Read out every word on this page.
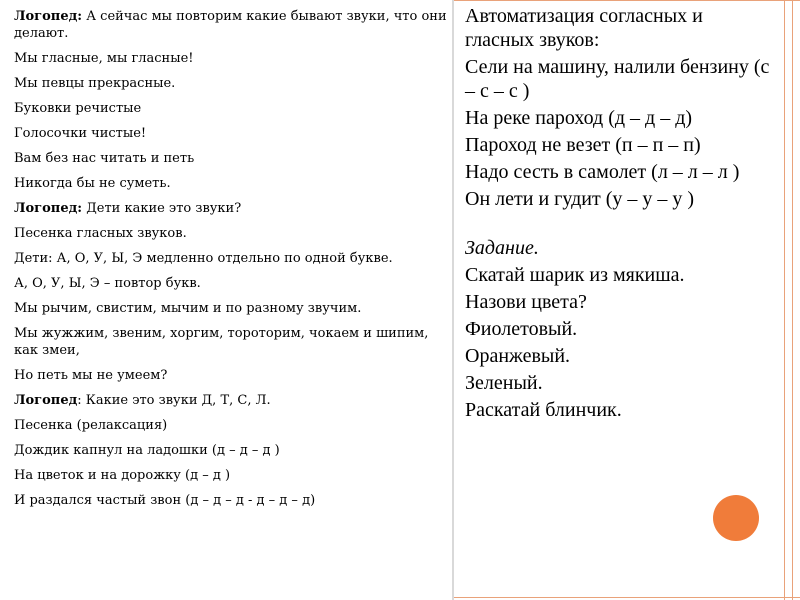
Логопед: А сейчас мы повторим какие бывают звуки, что они делают.

Мы гласные, мы гласные!

Мы певцы прекрасные.

Буковки речистые

Голосочки чистые!

Вам без нас читать и петь

Никогда бы не суметь.

Логопед: Дети какие это звуки?

Песенка гласных звуков.

Дети: А, О, У, Ы, Э медленно отдельно по одной букве.

А, О, У, Ы, Э – повтор букв.

Мы рычим, свистим, мычим и по разному звучим.

Мы жужжим, звеним, хоргим, тороторим, чокаем и шипим, как змеи,

Но петь мы не умеем?

Логопед: Какие это звуки Д, Т, С, Л.

Песенка (релаксация)

Дождик капнул на ладошки (д – д – д )

На цветок и на дорожку (д – д )

И раздался частый звон (д – д – д - д – д – д)

Автоматизация согласных и гласных звуков:
Сели на машину, налили бензину (с – с – с )
На реке пароход (д – д – д)
Пароход не везет (п – п – п)
Надо сесть в самолет (л – л – л )
Он лети и гудит (у – у – у )
Задание.
Скатай шарик из мякиша.
Назови цвета?
Фиолетовый.
Оранжевый.
Зеленый.
Раскатай блинчик.
